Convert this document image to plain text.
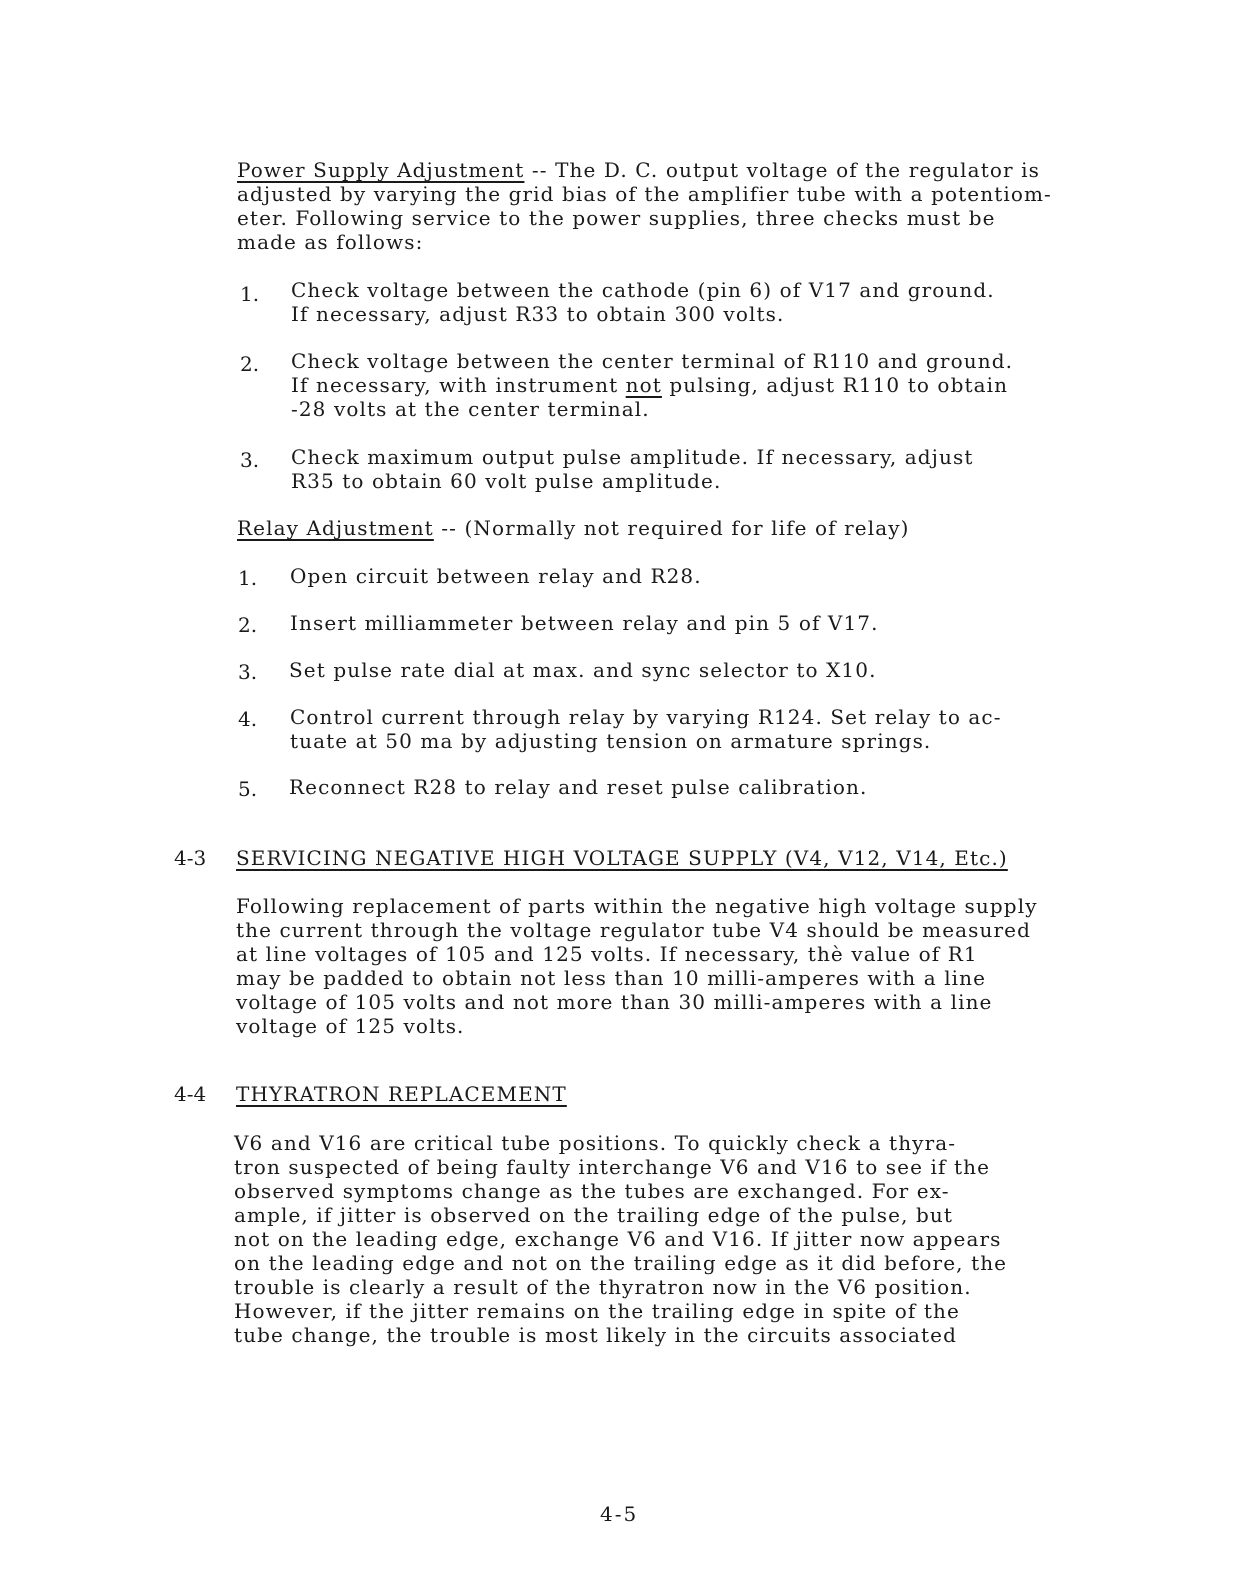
Power Supply Adjustment -- The D. C. output voltage of the regulator is
adjusted by varying the grid bias of the amplifier tube with a potentiom-
eter. Following service to the power supplies, three checks must be
made as follows:
1. Check voltage between the cathode (pin 6) of V17 and ground.
If necessary, adjust R33 to obtain 300 volts.
2. Check voltage between the center terminal of R110 and ground.
If necessary, with instrument not pulsing, adjust R110 to obtain
-28 volts at the center terminal.
3. Check maximum output pulse amplitude. If necessary, adjust
R35 to obtain 60 volt pulse amplitude.
Relay Adjustment -- (Normally not required for life of relay)
1. Open circuit between relay and R28.
2. Insert milliammeter between relay and pin 5 of V17.
3. Set pulse rate dial at max. and sync selector to X10.
4. Control current through relay by varying R124. Set relay to ac-
tuate at 50 ma by adjusting tension on armature springs.
5. Reconnect R28 to relay and reset pulse calibration.
4-3 SERVICING NEGATIVE HIGH VOLTAGE SUPPLY (V4, V12, V14, Etc.)
Following replacement of parts within the negative high voltage supply
the current through the voltage regulator tube V4 should be measured
at line voltages of 105 and 125 volts. If necessary, thè value of R1
may be padded to obtain not less than 10 milli-amperes with a line
voltage of 105 volts and not more than 30 milli-amperes with a line
voltage of 125 volts.
4-4 THYRATRON REPLACEMENT
V6 and V16 are critical tube positions. To quickly check a thyra-
tron suspected of being faulty interchange V6 and V16 to see if the
observed symptoms change as the tubes are exchanged. For ex-
ample, if jitter is observed on the trailing edge of the pulse, but
not on the leading edge, exchange V6 and V16. If jitter now appears
on the leading edge and not on the trailing edge as it did before, the
trouble is clearly a result of the thyratron now in the V6 position.
However, if the jitter remains on the trailing edge in spite of the
tube change, the trouble is most likely in the circuits associated
4-5
